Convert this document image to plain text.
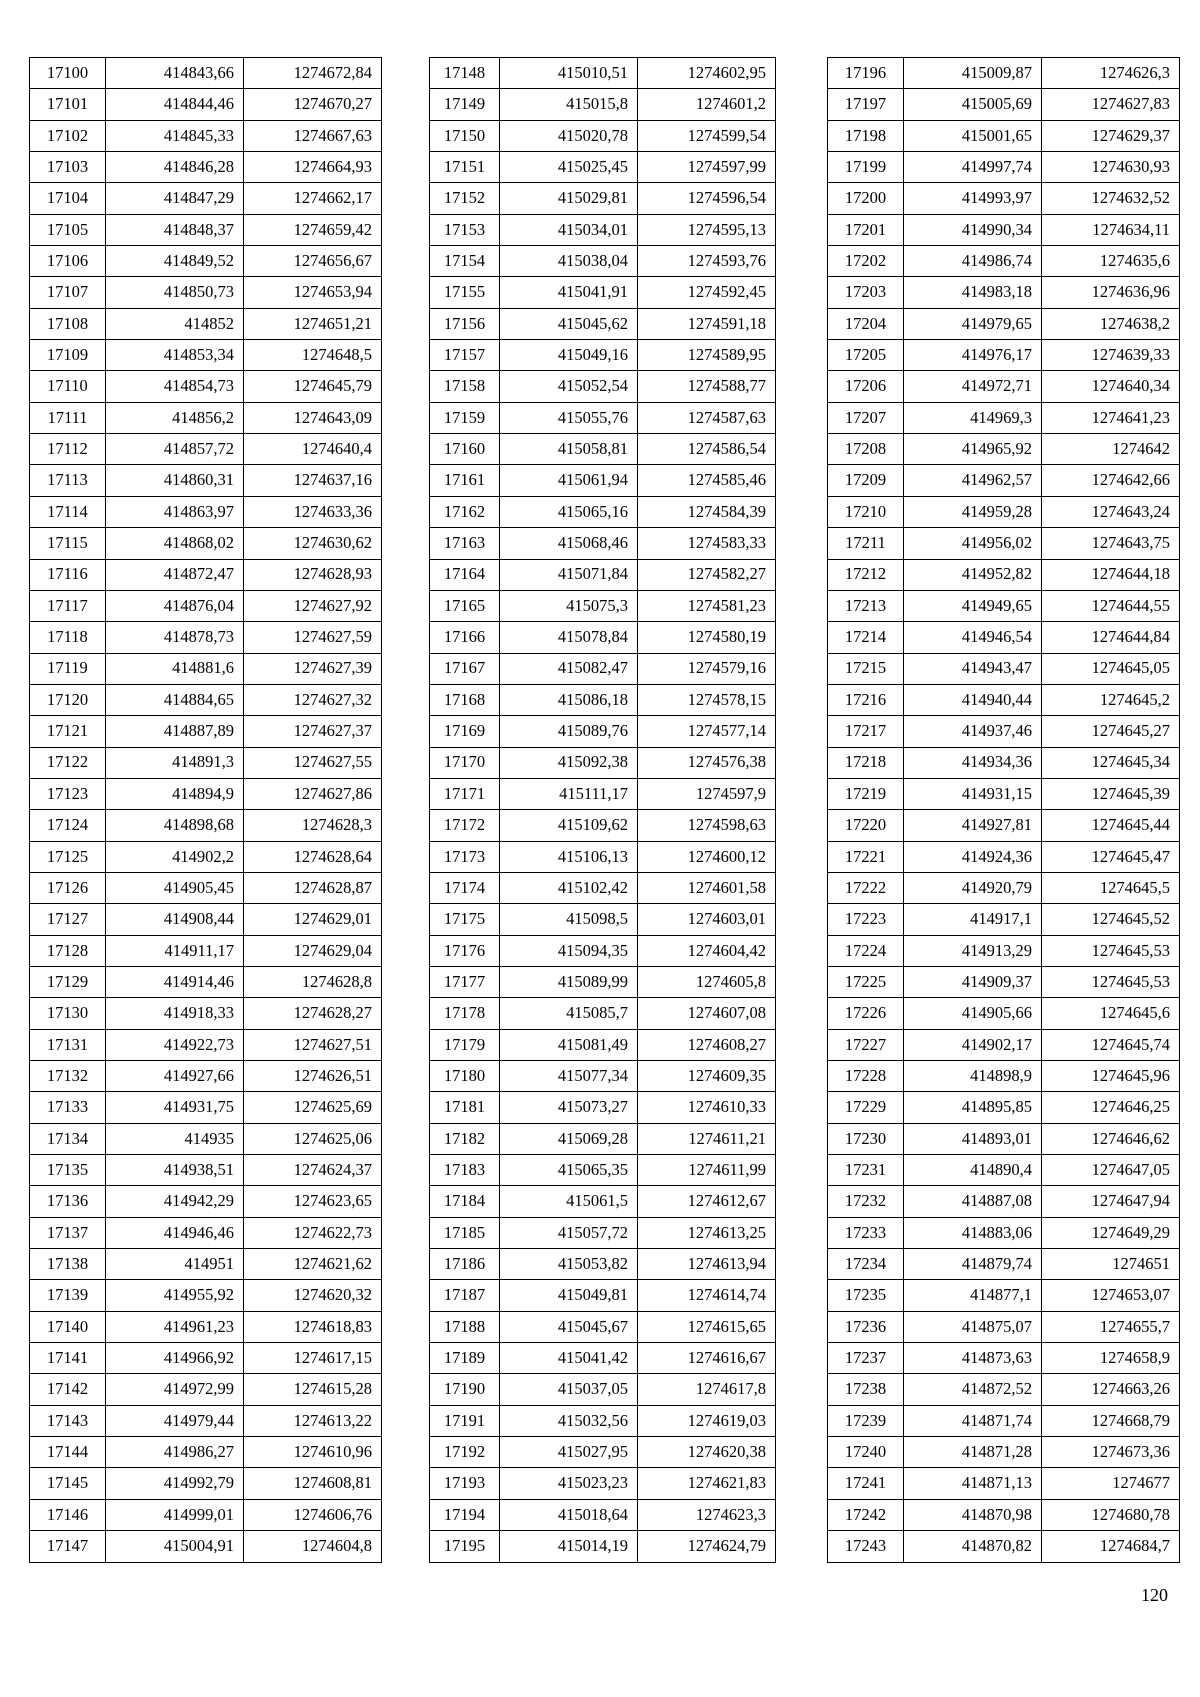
17100	414843,66	1274672,84
17101	414844,46	1274670,27
17102	414845,33	1274667,63
17103	414846,28	1274664,93
17104	414847,29	1274662,17
17105	414848,37	1274659,42
17106	414849,52	1274656,67
17107	414850,73	1274653,94
17108	414852	1274651,21
17109	414853,34	1274648,5
17110	414854,73	1274645,79
17111	414856,2	1274643,09
17112	414857,72	1274640,4
17113	414860,31	1274637,16
17114	414863,97	1274633,36
17115	414868,02	1274630,62
17116	414872,47	1274628,93
17117	414876,04	1274627,92
17118	414878,73	1274627,59
17119	414881,6	1274627,39
17120	414884,65	1274627,32
17121	414887,89	1274627,37
17122	414891,3	1274627,55
17123	414894,9	1274627,86
17124	414898,68	1274628,3
17125	414902,2	1274628,64
17126	414905,45	1274628,87
17127	414908,44	1274629,01
17128	414911,17	1274629,04
17129	414914,46	1274628,8
17130	414918,33	1274628,27
17131	414922,73	1274627,51
17132	414927,66	1274626,51
17133	414931,75	1274625,69
17134	414935	1274625,06
17135	414938,51	1274624,37
17136	414942,29	1274623,65
17137	414946,46	1274622,73
17138	414951	1274621,62
17139	414955,92	1274620,32
17140	414961,23	1274618,83
17141	414966,92	1274617,15
17142	414972,99	1274615,28
17143	414979,44	1274613,22
17144	414986,27	1274610,96
17145	414992,79	1274608,81
17146	414999,01	1274606,76
17147	415004,91	1274604,8
17148	415010,51	1274602,95
17149	415015,8	1274601,2
17150	415020,78	1274599,54
17151	415025,45	1274597,99
17152	415029,81	1274596,54
17153	415034,01	1274595,13
17154	415038,04	1274593,76
17155	415041,91	1274592,45
17156	415045,62	1274591,18
17157	415049,16	1274589,95
17158	415052,54	1274588,77
17159	415055,76	1274587,63
17160	415058,81	1274586,54
17161	415061,94	1274585,46
17162	415065,16	1274584,39
17163	415068,46	1274583,33
17164	415071,84	1274582,27
17165	415075,3	1274581,23
17166	415078,84	1274580,19
17167	415082,47	1274579,16
17168	415086,18	1274578,15
17169	415089,76	1274577,14
17170	415092,38	1274576,38
17171	415111,17	1274597,9
17172	415109,62	1274598,63
17173	415106,13	1274600,12
17174	415102,42	1274601,58
17175	415098,5	1274603,01
17176	415094,35	1274604,42
17177	415089,99	1274605,8
17178	415085,7	1274607,08
17179	415081,49	1274608,27
17180	415077,34	1274609,35
17181	415073,27	1274610,33
17182	415069,28	1274611,21
17183	415065,35	1274611,99
17184	415061,5	1274612,67
17185	415057,72	1274613,25
17186	415053,82	1274613,94
17187	415049,81	1274614,74
17188	415045,67	1274615,65
17189	415041,42	1274616,67
17190	415037,05	1274617,8
17191	415032,56	1274619,03
17192	415027,95	1274620,38
17193	415023,23	1274621,83
17194	415018,64	1274623,3
17195	415014,19	1274624,79
17196	415009,87	1274626,3
17197	415005,69	1274627,83
17198	415001,65	1274629,37
17199	414997,74	1274630,93
17200	414993,97	1274632,52
17201	414990,34	1274634,11
17202	414986,74	1274635,6
17203	414983,18	1274636,96
17204	414979,65	1274638,2
17205	414976,17	1274639,33
17206	414972,71	1274640,34
17207	414969,3	1274641,23
17208	414965,92	1274642
17209	414962,57	1274642,66
17210	414959,28	1274643,24
17211	414956,02	1274643,75
17212	414952,82	1274644,18
17213	414949,65	1274644,55
17214	414946,54	1274644,84
17215	414943,47	1274645,05
17216	414940,44	1274645,2
17217	414937,46	1274645,27
17218	414934,36	1274645,34
17219	414931,15	1274645,39
17220	414927,81	1274645,44
17221	414924,36	1274645,47
17222	414920,79	1274645,5
17223	414917,1	1274645,52
17224	414913,29	1274645,53
17225	414909,37	1274645,53
17226	414905,66	1274645,6
17227	414902,17	1274645,74
17228	414898,9	1274645,96
17229	414895,85	1274646,25
17230	414893,01	1274646,62
17231	414890,4	1274647,05
17232	414887,08	1274647,94
17233	414883,06	1274649,29
17234	414879,74	1274651
17235	414877,1	1274653,07
17236	414875,07	1274655,7
17237	414873,63	1274658,9
17238	414872,52	1274663,26
17239	414871,74	1274668,79
17240	414871,28	1274673,36
17241	414871,13	1274677
17242	414870,98	1274680,78
17243	414870,82	1274684,7
120
